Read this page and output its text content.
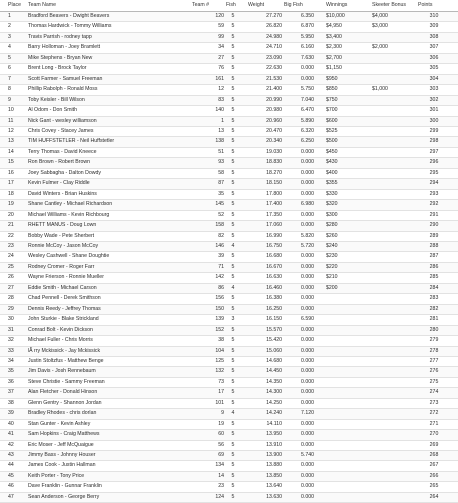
Place	Team Name	Team #	Fish	Weight	Big Fish	Winnings	Skeeter Bonus	Points
1	Bradford Beavers - Dwight Beavers	120	5	27.270	6.350	$10,000	$4,000	310
2	Thomas Hardwick - Tommy Williams	59	5	26.820	6.870	$4,950	$3,000	309
3	Travis Parrish - rodney tapp	99	5	24.980	5.950	$3,400		308
4	Barry Holloman - Joey Bramlett	34	5	24.710	6.160	$2,300	$2,000	307
5	Mike Stephens - Bryan New	27	5	23.090	7.630	$2,700		306
6	Brent Long - Brock Taylor	76	5	22.630	0.000	$1,150		305
7	Scott Farmer - Samuel Freeman	161	5	21.530	0.000	$950		304
8	Phillip Rabolph - Ronald Moss	12	5	21.400	5.750	$850	$1,000	303
9	Toby Keisler - Bill Wilson	83	5	20.990	7.040	$750		302
10	Al Odom - Don Smith	140	5	20.980	6.470	$700		301
11	Nick Gant - wesley williamson	1	5	20.960	5.890	$600		300
12	Chris Covey - Stacey James	13	5	20.470	6.320	$525		299
13	TIM HUFFSTETLER - Neil Huffstetler	138	5	20.340	6.250	$500		298
14	Terry Thomas - David Kneece	51	5	19.030	0.000	$450		297
15	Ron Brown - Robert Brown	93	5	18.830	0.000	$430		296
16	Joey Sabbagha - Dalton Dowdy	58	5	18.270	0.000	$400		295
17	Kevin Fulmer - Clay Riddle	87	5	18.150	0.000	$355		294
18	David Winters - Brian Huskins	35	5	17.800	0.000	$330		293
19	Shane Cantley - Michael Richardson	145	5	17.400	6.980	$320		292
20	Michael Williams - Kevin Richbourg	52	5	17.350	0.000	$300		291
21	RHETT MANUS - Doug Lown	158	5	17.060	0.000	$280		290
22	Bobby Wade - Pete Sherbert	82	5	16.990	5.820	$260		289
23	Ronnie McCoy - Jason McCoy	146	4	16.750	5.720	$240		288
24	Wesley Cashwell - Shane Doughtie	39	5	16.680	0.000	$230		287
25	Rodney Cromer - Roger Farr	71	5	16.670	0.000	$220		286
26	Wayne Frierson - Ronnie Mueller	142	5	16.630	0.000	$210		285
27	Eddie Smith - Michael Carson	86	4	16.460	0.000	$200		284
28	Chad Pennell - Derek Smithson	156	5	16.380	0.000			283
29	Dennis Reedy - Jeffrey Thomas	150	5	16.250	0.000			282
30	John Sturkie - Blake Strickland	139	3	16.150	6.590			281
31	Conrad Bolt - Kevin Dickson	152	5	15.570	0.000			280
32	Michael Fuller - Chris Morris	38	5	15.420	0.000			279
33	lÃ rry Mckissick - Jay Mckissick	104	5	15.060	0.000			278
34	Justin Stoltzfus - Matthew Benge	125	5	14.680	0.000			277
35	Jim Davis - Josh Rennebaum	132	5	14.450	0.000			276
36	Steve Christie - Sammy Freeman	73	5	14.350	0.000			275
37	Alan Fletcher - Donald Hinson	17	5	14.300	0.000			274
38	Glenn Gentry - Shannon Jordan	101	5	14.250	0.000			273
39	Bradley Rhodes - chris dorlan	9	4	14.240	7.120			272
40	Stan Gunter - Kevin Ashley	19	5	14.110	0.000			271
41	Sam Hopkins - Craig Matthews	60	5	13.950	0.000			270
42	Eric Moser - Jeff McQuaigue	56	5	13.910	0.000			269
43	Jimmy Bass - Johnny Houser	69	5	13.900	5.740			268
44	James Cook - Justin Hallman	134	5	13.880	0.000			267
45	Keith Porter - Tony Price	14	5	13.850	0.000			266
46	Dave Franklin - Gunnar Franklin	23	5	13.640	0.000			265
47	Sean Anderson - George Berry	124	5	13.630	0.000			264
